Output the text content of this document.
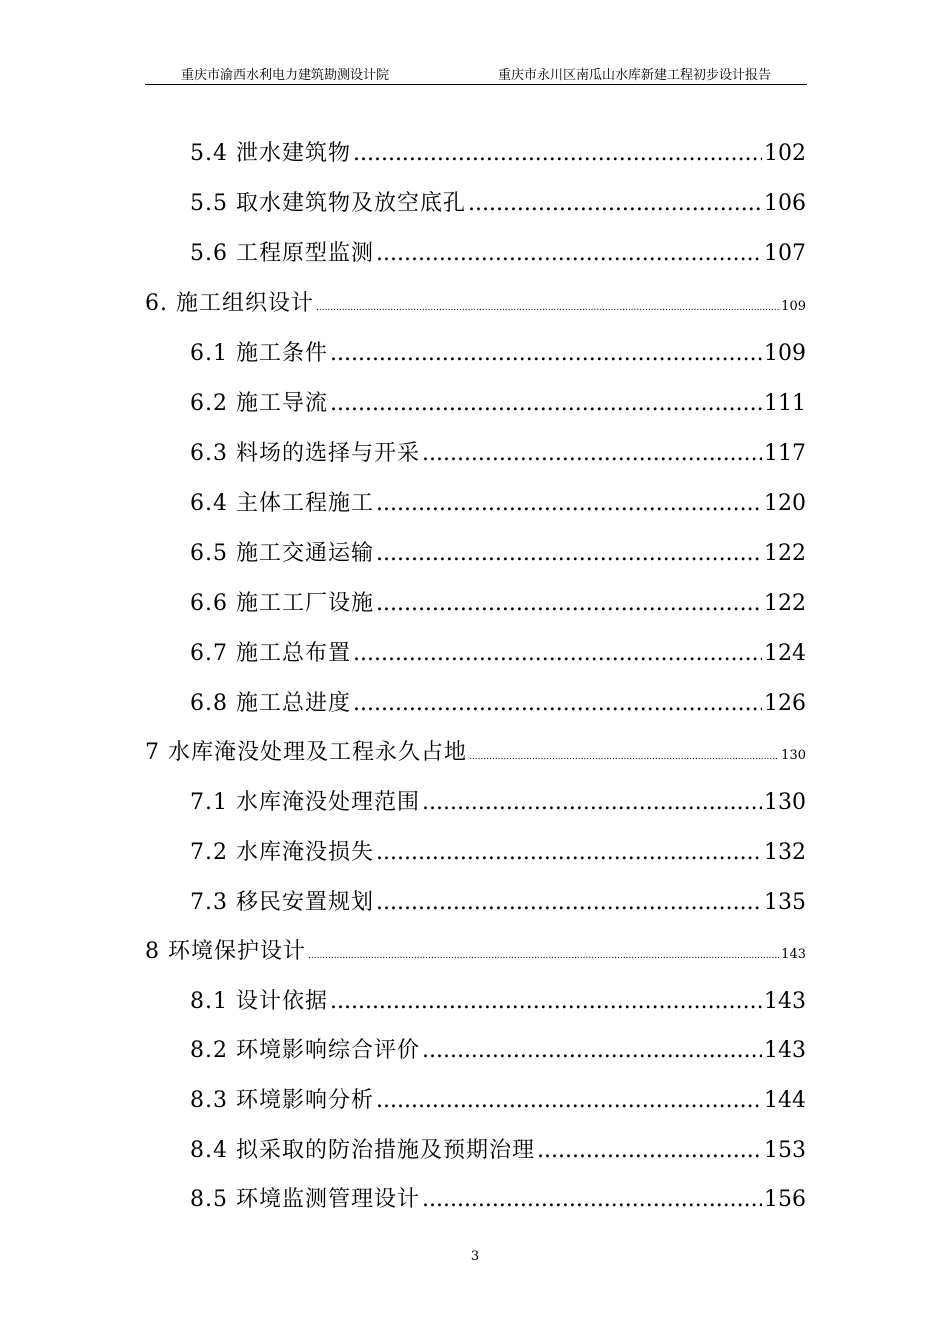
重庆市渝西水利电力建筑勘测设计院	重庆市永川区南瓜山水库新建工程初步设计报告
5.4 泄水建筑物 .....	102
5.5 取水建筑物及放空底孔 .....	106
5.6 工程原型监测 .....	107
6. 施工组织设计 .....	109
6.1 施工条件 .....	109
6.2 施工导流 .....	111
6.3 料场的选择与开采 .....	117
6.4 主体工程施工 .....	120
6.5 施工交通运输 .....	122
6.6 施工工厂设施 .....	122
6.7 施工总布置 .....	124
6.8 施工总进度 .....	126
7 水库淹没处理及工程永久占地 .....	130
7.1 水库淹没处理范围 .....	130
7.2 水库淹没损失 .....	132
7.3 移民安置规划 .....	135
8 环境保护设计 .....	143
8.1 设计依据 .....	143
8.2 环境影响综合评价 .....	143
8.3 环境影响分析 .....	144
8.4 拟采取的防治措施及预期治理 .....	153
8.5 环境监测管理设计 .....	156
3
